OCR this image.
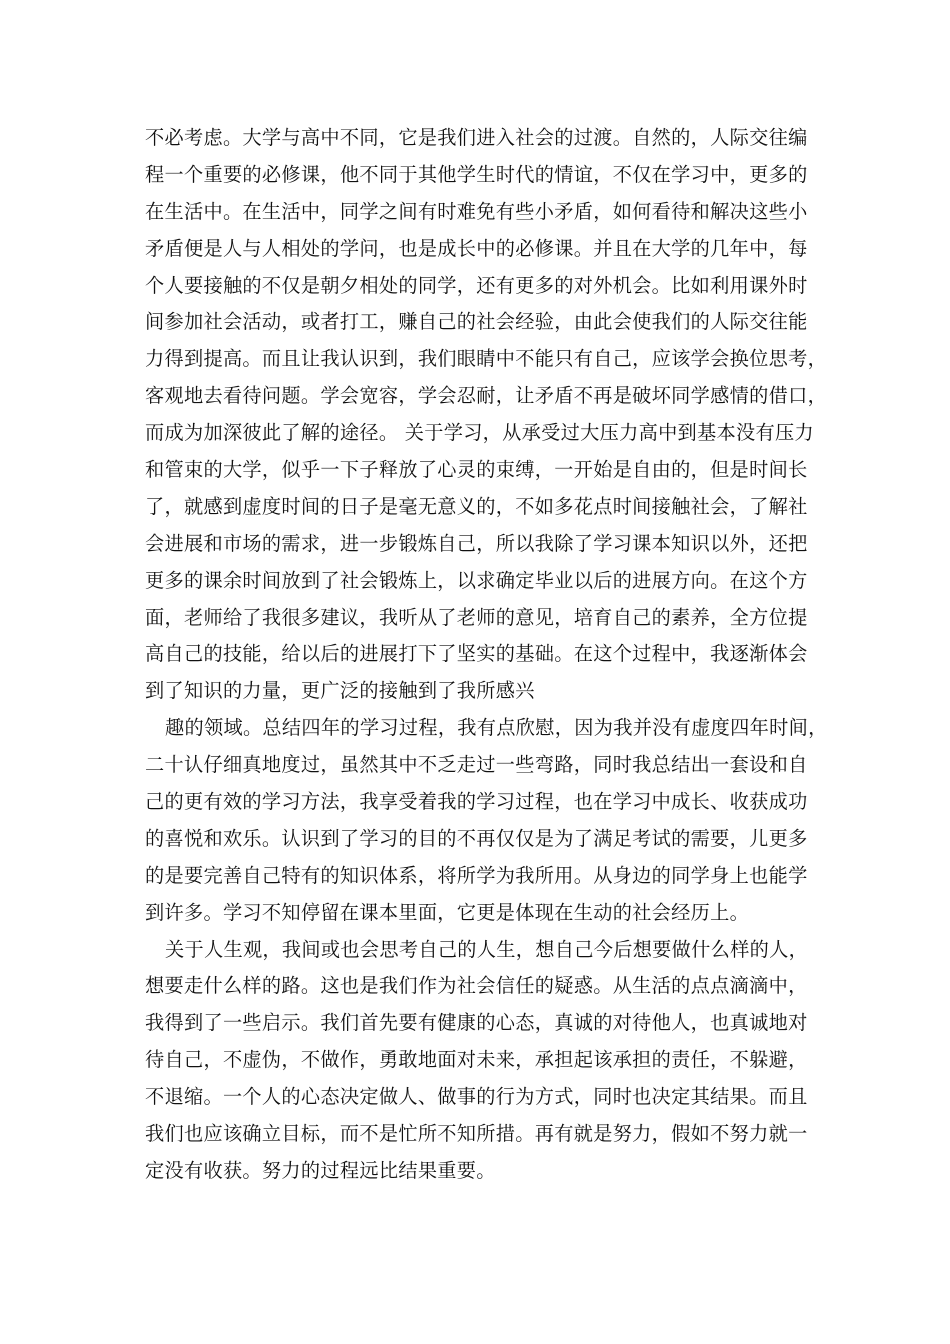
不必考虑。大学与高中不同，它是我们进入社会的过渡。自然的，人际交往编
程一个重要的必修课，他不同于其他学生时代的情谊，不仅在学习中，更多的
在生活中。在生活中，同学之间有时难免有些小矛盾，如何看待和解决这些小
矛盾便是人与人相处的学问，也是成长中的必修课。并且在大学的几年中，每
个人要接触的不仅是朝夕相处的同学，还有更多的对外机会。比如利用课外时
间参加社会活动，或者打工，赚自己的社会经验，由此会使我们的人际交往能
力得到提高。而且让我认识到，我们眼睛中不能只有自己，应该学会换位思考，
客观地去看待问题。学会宽容，学会忍耐，让矛盾不再是破坏同学感情的借口，
而成为加深彼此了解的途径。 关于学习，从承受过大压力高中到基本没有压力
和管束的大学，似乎一下子释放了心灵的束缚，一开始是自由的，但是时间长
了，就感到虚度时间的日子是毫无意义的，不如多花点时间接触社会，了解社
会进展和市场的需求，进一步锻炼自己，所以我除了学习课本知识以外，还把
更多的课余时间放到了社会锻炼上，以求确定毕业以后的进展方向。在这个方
面，老师给了我很多建议，我听从了老师的意见，培育自己的素养，全方位提
高自己的技能，给以后的进展打下了坚实的基础。在这个过程中，我逐渐体会
到了知识的力量，更广泛的接触到了我所感兴
趣的领域。总结四年的学习过程，我有点欣慰，因为我并没有虚度四年时间，
二十认仔细真地度过，虽然其中不乏走过一些弯路，同时我总结出一套设和自
己的更有效的学习方法，我享受着我的学习过程，也在学习中成长、收获成功
的喜悦和欢乐。认识到了学习的目的不再仅仅是为了满足考试的需要，儿更多
的是要完善自己特有的知识体系，将所学为我所用。从身边的同学身上也能学
到许多。学习不知停留在课本里面，它更是体现在生动的社会经历上。
关于人生观，我间或也会思考自己的人生，想自己今后想要做什么样的人，
想要走什么样的路。这也是我们作为社会信任的疑惑。从生活的点点滴滴中，
我得到了一些启示。我们首先要有健康的心态，真诚的对待他人，也真诚地对
待自己，不虚伪，不做作，勇敢地面对未来，承担起该承担的责任，不躲避，
不退缩。一个人的心态决定做人、做事的行为方式，同时也决定其结果。而且
我们也应该确立目标，而不是忙所不知所措。再有就是努力，假如不努力就一
定没有收获。努力的过程远比结果重要。
